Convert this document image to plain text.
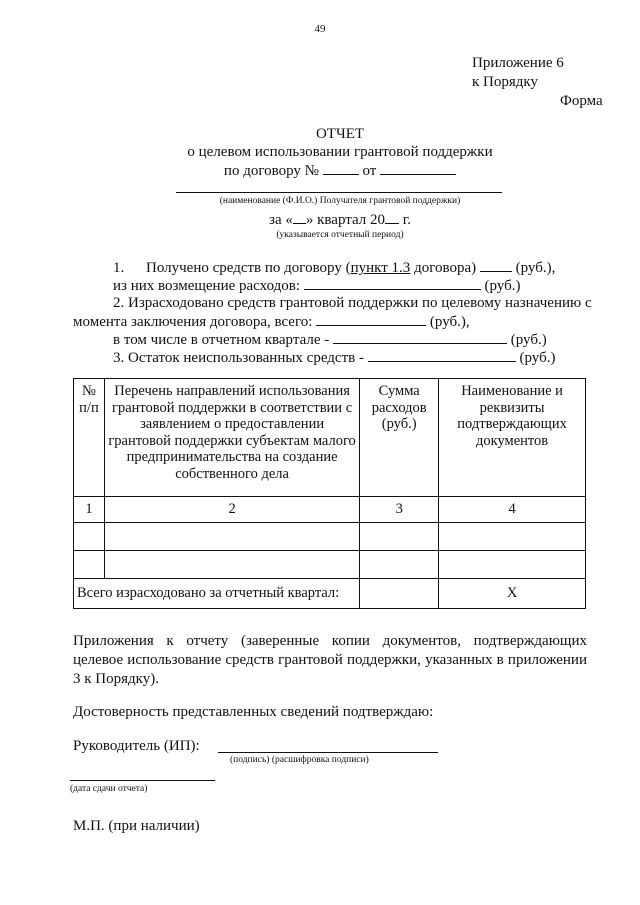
49
Приложение 6
к Порядку
Форма
ОТЧЕТ
о целевом использовании грантовой поддержки
по договору №	от
(наименование (Ф.И.О.) Получателя грантовой поддержки)
за « » квартал 20 г.
(указывается отчетный период)
1. Получено средств по договору (пункт 1.3 договора)	(руб.),
из них возмещение расходов:	(руб.)
2. Израсходовано средств грантовой поддержки по целевому назначению с
момента заключения договора, всего:	(руб.),
в том числе в отчетном квартале -	(руб.)
3. Остаток неиспользованных средств -	(руб.)
№ п/п	Перечень направлений использования грантовой поддержки в соответствии с заявлением о предоставлении грантовой поддержки субъектам малого предпринимательства на создание собственного дела	Сумма расходов (руб.)	Наименование и реквизиты подтверждающих документов
1	2	3	4

Всего израсходовано за отчетный квартал:			X
Приложения к отчету (заверенные копии документов, подтверждающих целевое использование средств грантовой поддержки, указанных в приложении 3 к Порядку).
Достоверность представленных сведений подтверждаю:
Руководитель (ИП):
(подпись) (расшифровка подписи)
(дата сдачи отчета)
М.П. (при наличии)
